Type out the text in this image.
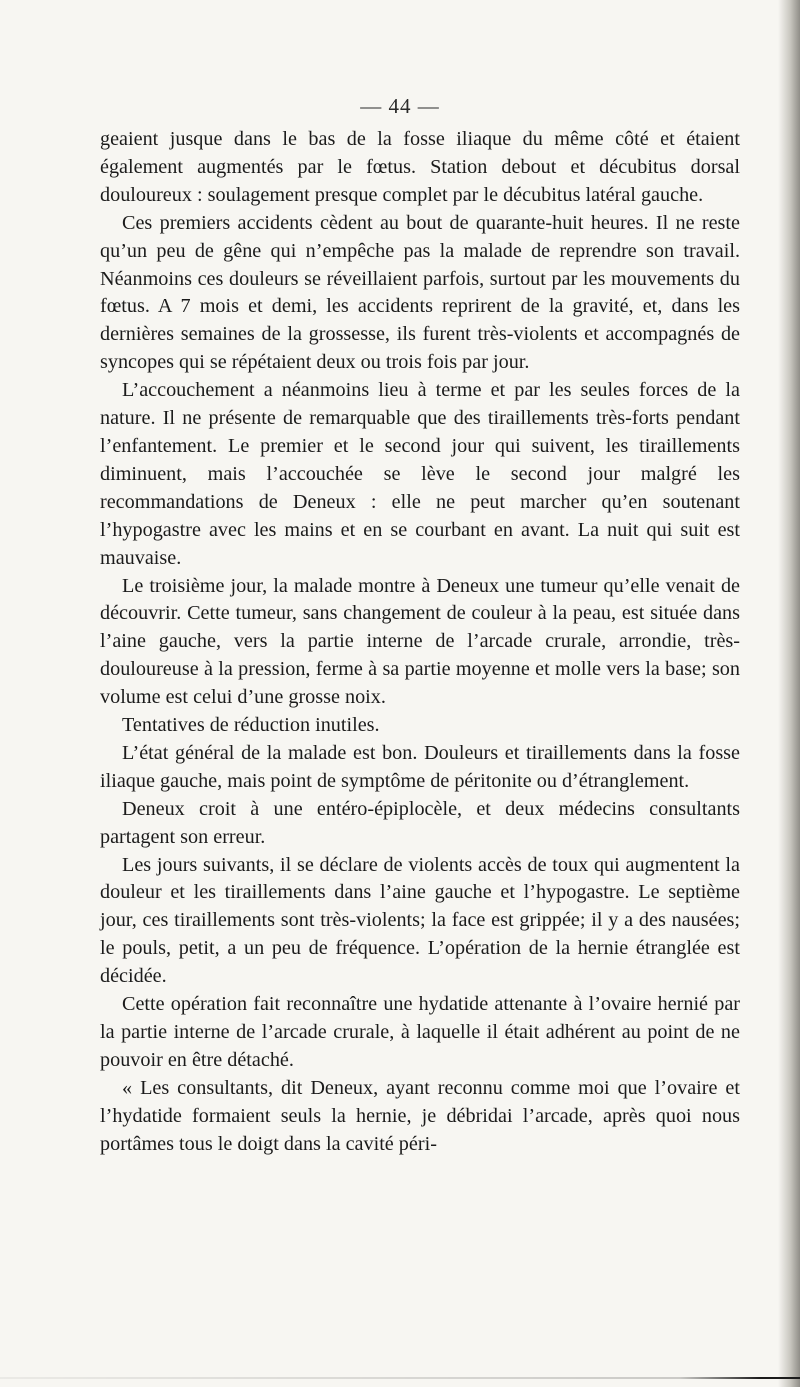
— 44 —

geaient jusque dans le bas de la fosse iliaque du même côté et étaient également augmentés par le fœtus. Station debout et décubitus dorsal douloureux : soulagement presque complet par le décubitus latéral gauche.

Ces premiers accidents cèdent au bout de quarante-huit heures. Il ne reste qu’un peu de gêne qui n’empêche pas la malade de reprendre son travail. Néanmoins ces douleurs se réveillaient parfois, surtout par les mouvements du fœtus. A 7 mois et demi, les accidents reprirent de la gravité, et, dans les dernières semaines de la grossesse, ils furent très-violents et accompagnés de syncopes qui se répétaient deux ou trois fois par jour.

L’accouchement a néanmoins lieu à terme et par les seules forces de la nature. Il ne présente de remarquable que des tiraillements très-forts pendant l’enfantement. Le premier et le second jour qui suivent, les tiraillements diminuent, mais l’accouchée se lève le second jour malgré les recommandations de Deneux : elle ne peut marcher qu’en soutenant l’hypogastre avec les mains et en se courbant en avant. La nuit qui suit est mauvaise.

Le troisième jour, la malade montre à Deneux une tumeur qu’elle venait de découvrir. Cette tumeur, sans changement de couleur à la peau, est située dans l’aine gauche, vers la partie interne de l’arcade crurale, arrondie, très-douloureuse à la pression, ferme à sa partie moyenne et molle vers la base; son volume est celui d’une grosse noix.

Tentatives de réduction inutiles.

L’état général de la malade est bon. Douleurs et tiraillements dans la fosse iliaque gauche, mais point de symptôme de péritonite ou d’étranglement.

Deneux croit à une entéro-épiplocèle, et deux médecins consultants partagent son erreur.

Les jours suivants, il se déclare de violents accès de toux qui augmentent la douleur et les tiraillements dans l’aine gauche et l’hypogastre. Le septième jour, ces tiraillements sont très-violents; la face est grippée; il y a des nausées; le pouls, petit, a un peu de fréquence. L’opération de la hernie étranglée est décidée.

Cette opération fait reconnaître une hydatide attenante à l’ovaire hernié par la partie interne de l’arcade crurale, à laquelle il était adhérent au point de ne pouvoir en être détaché.

« Les consultants, dit Deneux, ayant reconnu comme moi que l’ovaire et l’hydatide formaient seuls la hernie, je débridai l’arcade, après quoi nous portâmes tous le doigt dans la cavité péri-
